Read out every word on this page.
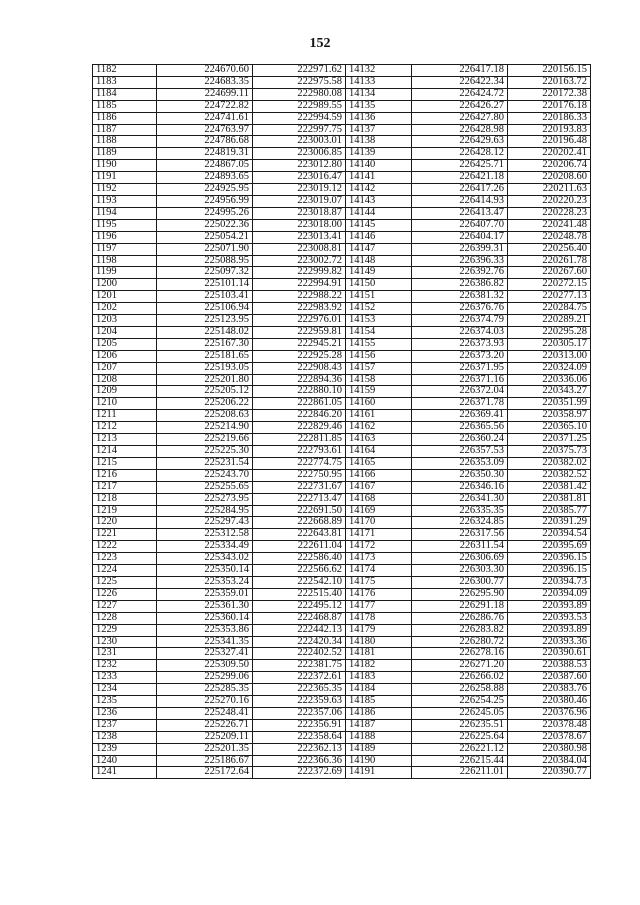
152
1182	224670.60	222971.62	14132	226417.18	220156.15
1183	224683.35	222975.58	14133	226422.34	220163.72
1184	224699.11	222980.08	14134	226424.72	220172.38
1185	224722.82	222989.55	14135	226426.27	220176.18
1186	224741.61	222994.59	14136	226427.80	220186.33
1187	224763.97	222997.75	14137	226428.98	220193.83
1188	224786.68	223003.01	14138	226429.63	220196.48
1189	224819.31	223006.85	14139	226428.12	220202.41
1190	224867.05	223012.80	14140	226425.71	220206.74
1191	224893.65	223016.47	14141	226421.18	220208.60
1192	224925.95	223019.12	14142	226417.26	220211.63
1193	224956.99	223019.07	14143	226414.93	220220.23
1194	224995.26	223018.87	14144	226413.47	220228.23
1195	225022.36	223018.00	14145	226407.70	220241.48
1196	225054.21	223013.41	14146	226404.17	220248.78
1197	225071.90	223008.81	14147	226399.31	220256.40
1198	225088.95	223002.72	14148	226396.33	220261.78
1199	225097.32	222999.82	14149	226392.76	220267.60
1200	225101.14	222994.91	14150	226386.82	220272.15
1201	225103.41	222988.22	14151	226381.32	220277.13
1202	225106.94	222983.92	14152	226376.76	220284.75
1203	225123.95	222976.01	14153	226374.79	220289.21
1204	225148.02	222959.81	14154	226374.03	220295.28
1205	225167.30	222945.21	14155	226373.93	220305.17
1206	225181.65	222925.28	14156	226373.20	220313.00
1207	225193.05	222908.43	14157	226371.95	220324.09
1208	225201.80	222894.36	14158	226371.16	220336.06
1209	225205.12	222880.10	14159	226372.04	220343.27
1210	225206.22	222861.05	14160	226371.78	220351.99
1211	225208.63	222846.20	14161	226369.41	220358.97
1212	225214.90	222829.46	14162	226365.56	220365.10
1213	225219.66	222811.85	14163	226360.24	220371.25
1214	225225.30	222793.61	14164	226357.53	220375.73
1215	225231.54	222774.75	14165	226353.09	220382.02
1216	225243.70	222750.95	14166	226350.30	220382.52
1217	225255.65	222731.67	14167	226346.16	220381.42
1218	225273.95	222713.47	14168	226341.30	220381.81
1219	225284.95	222691.50	14169	226335.35	220385.77
1220	225297.43	222668.89	14170	226324.85	220391.29
1221	225312.58	222643.81	14171	226317.56	220394.54
1222	225334.49	222611.04	14172	226311.54	220395.69
1223	225343.02	222586.40	14173	226306.69	220396.15
1224	225350.14	222566.62	14174	226303.30	220396.15
1225	225353.24	222542.10	14175	226300.77	220394.73
1226	225359.01	222515.40	14176	226295.90	220394.09
1227	225361.30	222495.12	14177	226291.18	220393.89
1228	225360.14	222468.87	14178	226286.76	220393.53
1229	225353.86	222442.13	14179	226283.82	220393.89
1230	225341.35	222420.34	14180	226280.72	220393.36
1231	225327.41	222402.52	14181	226278.16	220390.61
1232	225309.50	222381.75	14182	226271.20	220388.53
1233	225299.06	222372.61	14183	226266.02	220387.60
1234	225285.35	222365.35	14184	226258.88	220383.76
1235	225270.16	222359.63	14185	226254.25	220380.46
1236	225248.41	222357.06	14186	226245.05	220376.96
1237	225226.71	222356.91	14187	226235.51	220378.48
1238	225209.11	222358.64	14188	226225.64	220378.67
1239	225201.35	222362.13	14189	226221.12	220380.98
1240	225186.67	222366.36	14190	226215.44	220384.04
1241	225172.64	222372.69	14191	226211.01	220390.77
